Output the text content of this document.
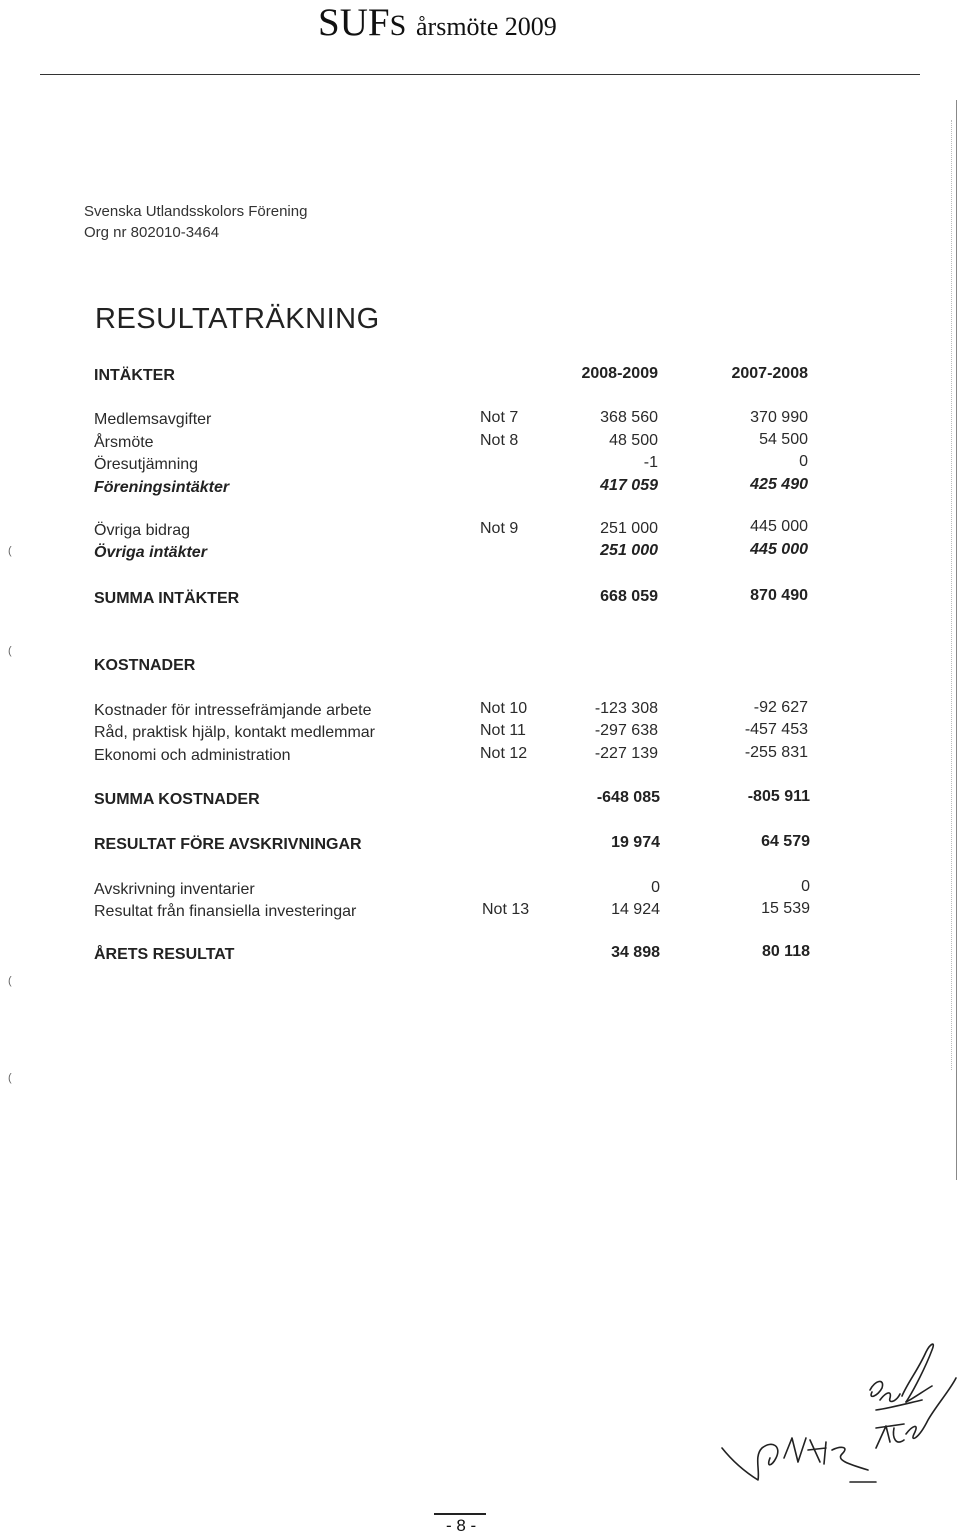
SUFS årsmöte 2009
Svenska Utlandsskolors Förening
Org nr 802010-3464
RESULTATRÄKNING
INTÄKTER	2008-2009	2007-2008
Medlemsavgifter	Not 7	368 560	370 990
Årsmöte	Not 8	48 500	54 500
Öresutjämning	-1	0
Föreningsintäkter	417 059	425 490
Övriga bidrag	Not 9	251 000	445 000
Övriga intäkter	251 000	445 000
SUMMA INTÄKTER	668 059	870 490
KOSTNADER
Kostnader för intressefrämjande arbete	Not 10	-123 308	-92 627
Råd, praktisk hjälp, kontakt medlemmar	Not 11	-297 638	-457 453
Ekonomi och administration	Not 12	-227 139	-255 831
SUMMA KOSTNADER	-648 085	-805 911
RESULTAT FÖRE AVSKRIVNINGAR	19 974	64 579
Avskrivning inventarier	0	0
Resultat från finansiella investeringar	Not 13	14 924	15 539
ÅRETS RESULTAT	34 898	80 118
(
(
(
(
- 8 -
